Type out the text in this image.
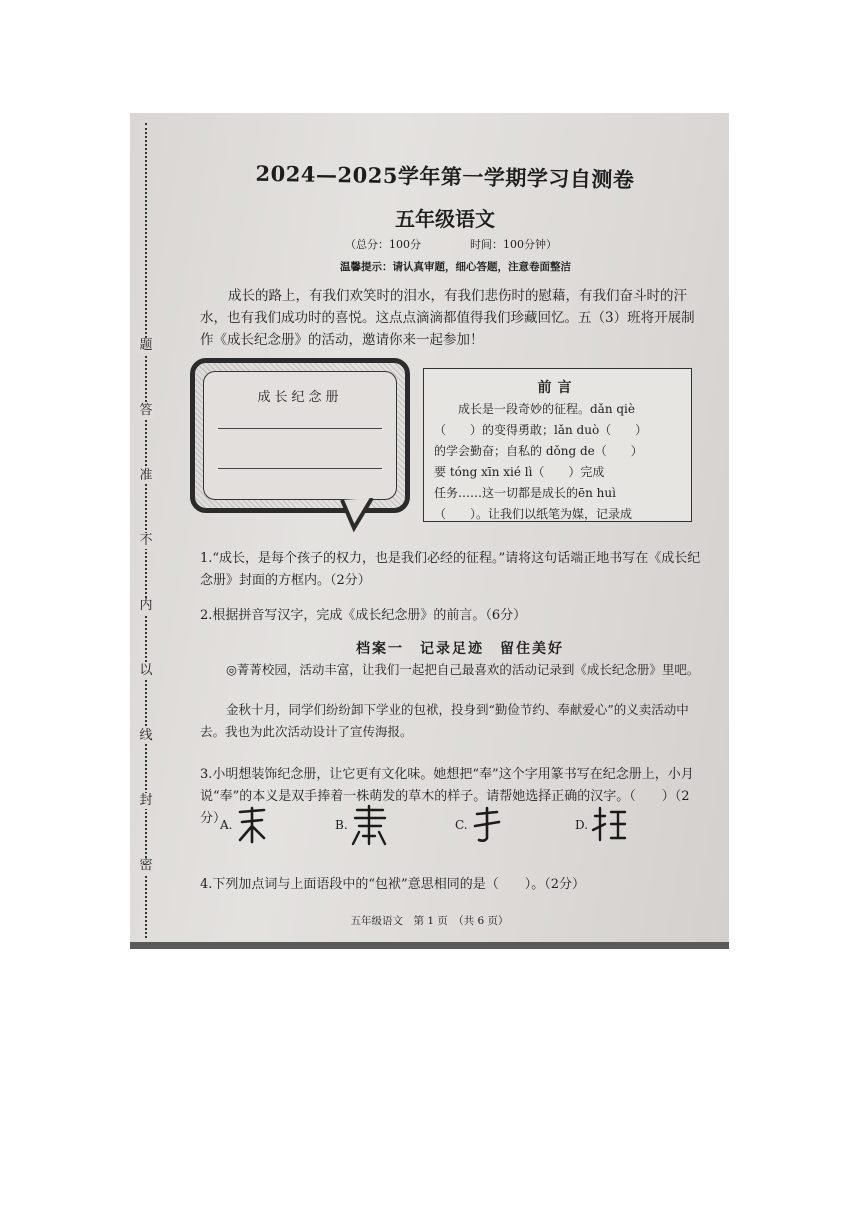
题
答
准
不
内
以
线
封
密
2024—2025学年第一学期学习自测卷
五年级语文
（总分：100分	时间：100分钟）
温馨提示：请认真审题，细心答题，注意卷面整洁
成长的路上，有我们欢笑时的泪水，有我们悲伤时的慰藉，有我们奋斗时的汗水，也有我们成功时的喜悦。这点点滴滴都值得我们珍藏回忆。五（3）班将开展制作《成长纪念册》的活动，邀请你来一起参加！
成长纪念册
前言
成长是一段奇妙的征程。dǎn qiè
（　　）的变得勇敢；lǎn duò（　　）
的学会勤奋；自私的 dǒng de（　　）
要 tóng xīn xié lì（　　）完成
任务……这一切都是成长的ēn huì
（　　）。让我们以纸笔为媒，记录成
1.“成长，是每个孩子的权力，也是我们必经的征程。”请将这句话端正地书写在《成长纪念册》封面的方框内。（2分）
2.根据拼音写汉字，完成《成长纪念册》的前言。（6分）
档案一　记录足迹　留住美好
◎菁菁校园，活动丰富，让我们一起把自己最喜欢的活动记录到《成长纪念册》里吧。
金秋十月，同学们纷纷卸下学业的包袱，投身到“勤俭节约、奉献爱心”的义卖活动中去。我也为此次活动设计了宣传海报。
3.小明想装饰纪念册，让它更有文化味。她想把“奉”这个字用篆书写在纪念册上，小月说“奉”的本义是双手捧着一株萌发的草木的样子。请帮她选择正确的汉字。（　　）（2分）
A.	B.	C.	D.
4.下列加点词与上面语段中的“包袱”意思相同的是（　　）。（2分）
五年级语文　第 1 页　（共 6 页）
